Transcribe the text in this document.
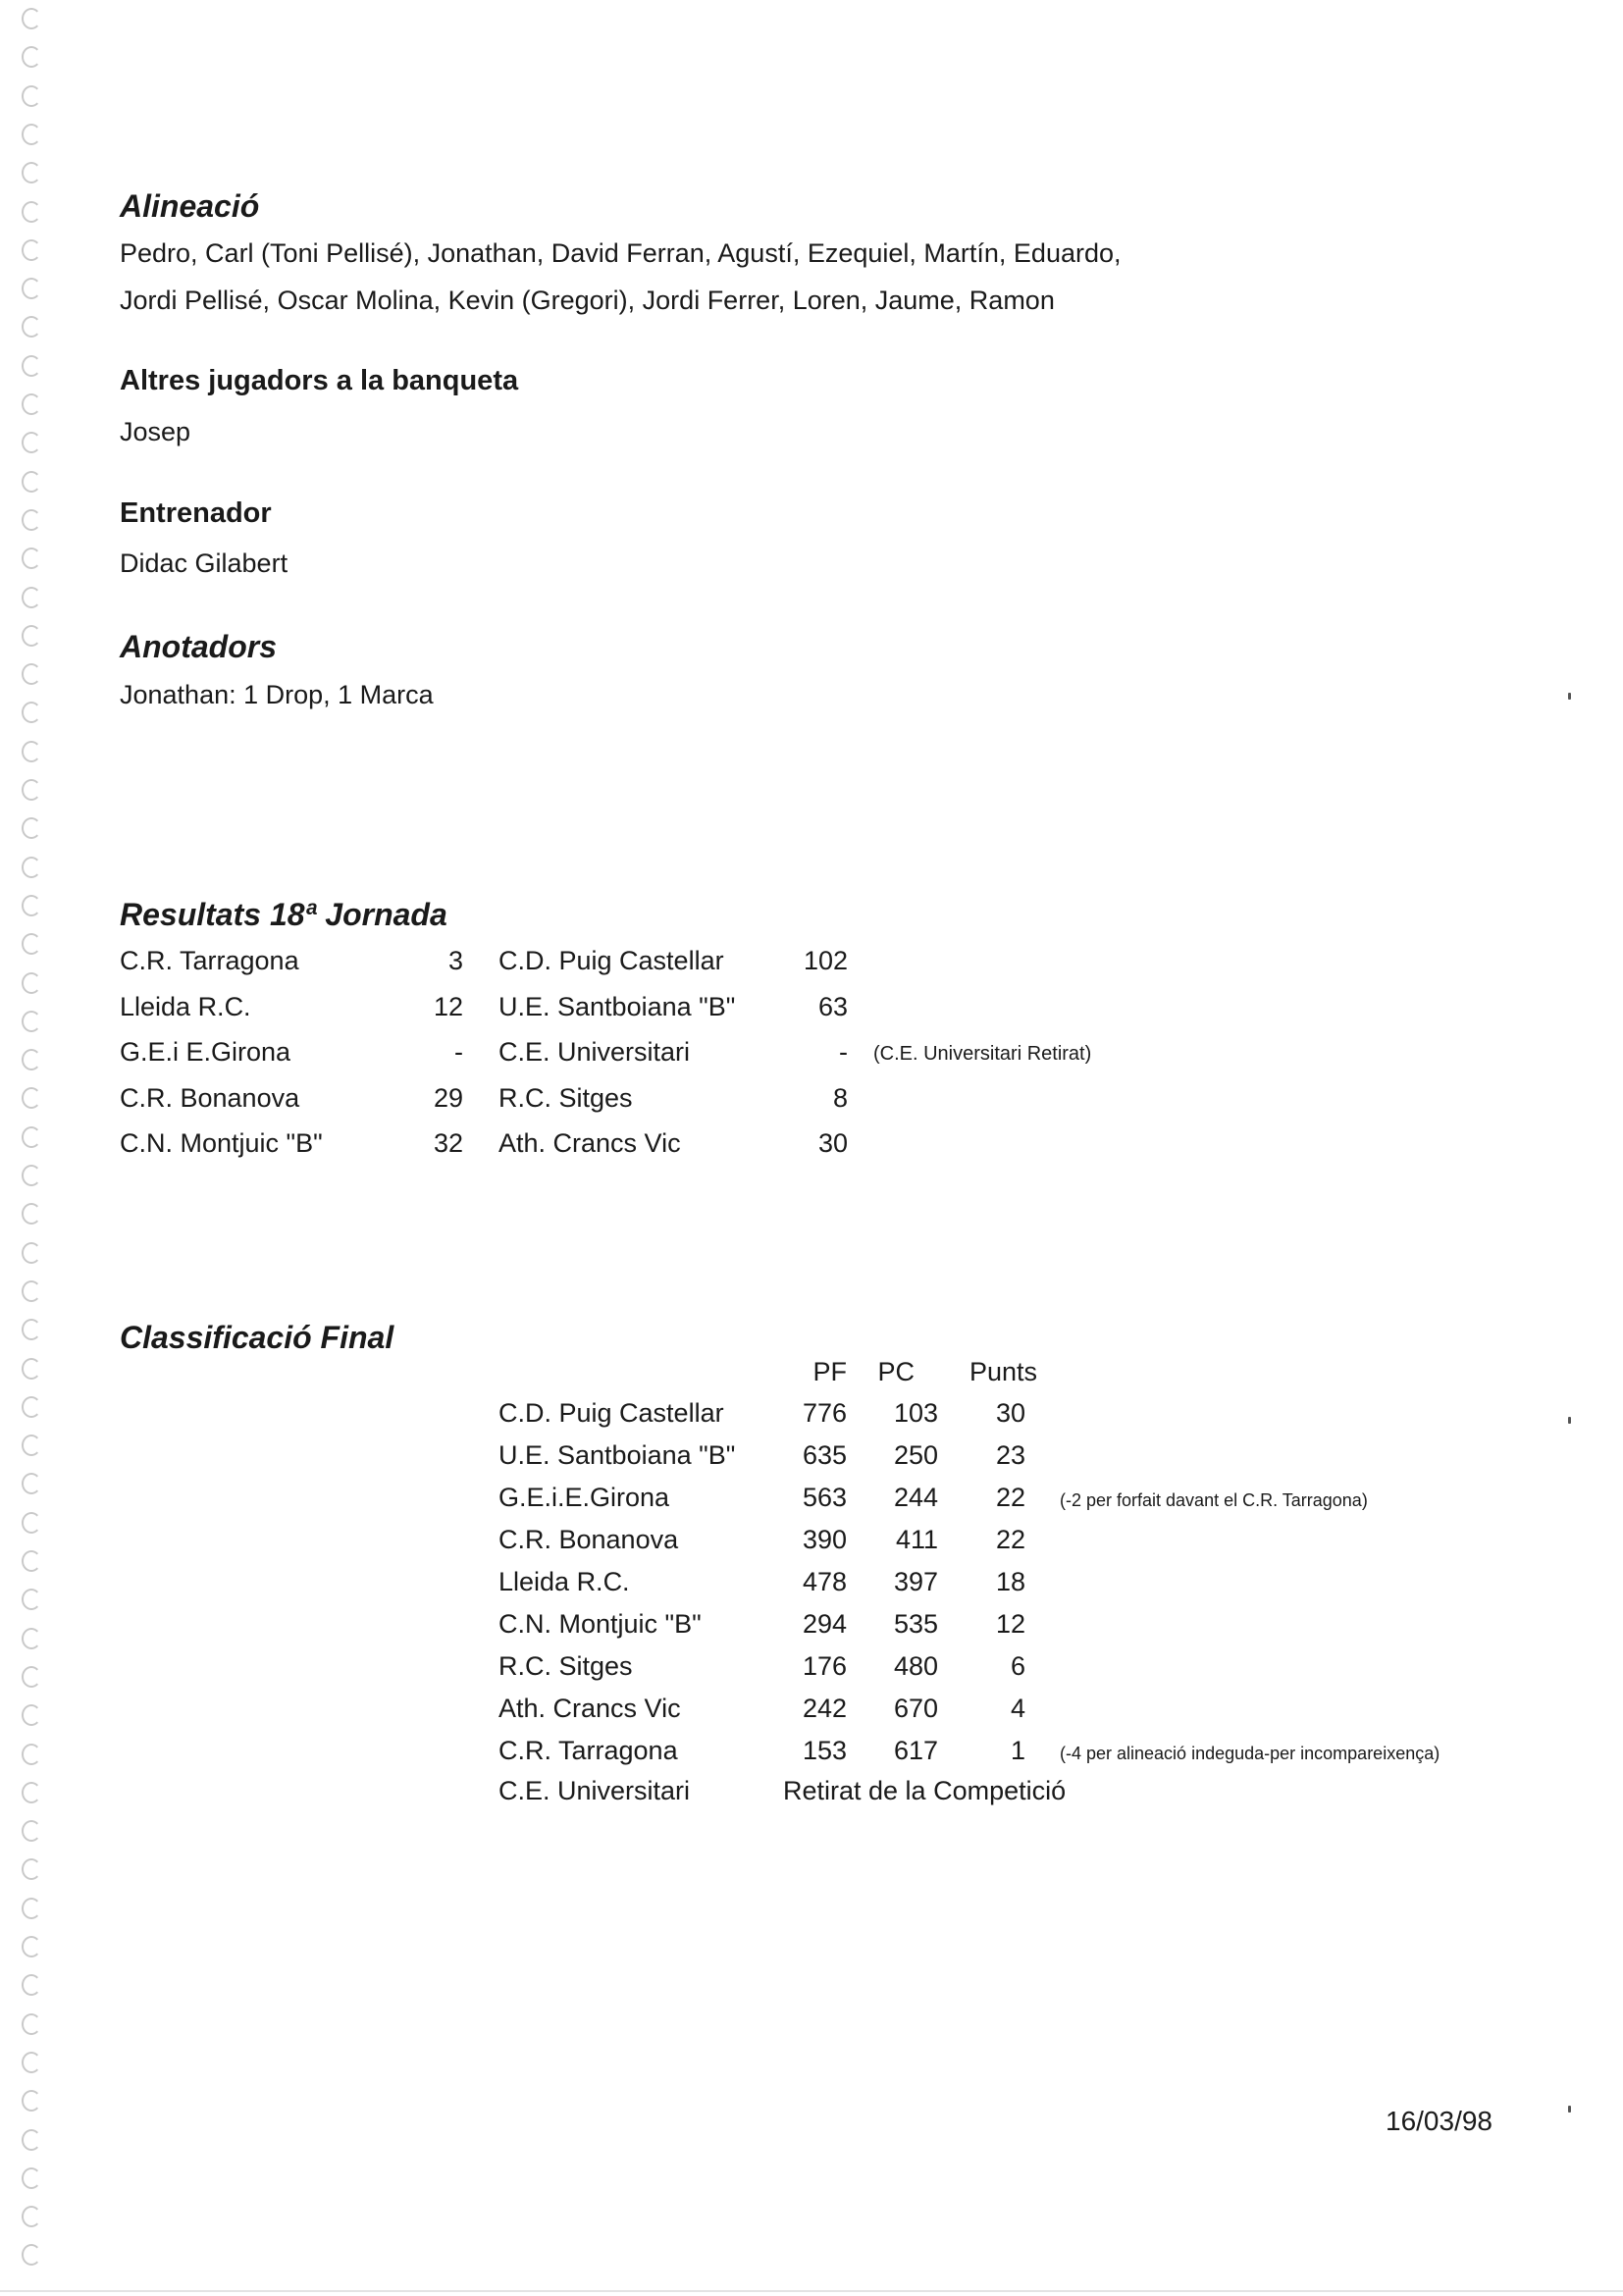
Alineació

Pedro, Carl (Toni Pellisé), Jonathan, David Ferran, Agustí, Ezequiel, Martín, Eduardo,

Jordi Pellisé, Oscar Molina, Kevin (Gregori), Jordi Ferrer, Loren, Jaume, Ramon

Altres jugadors a la banqueta

Josep

Entrenador

Didac Gilabert

Anotadors

Jonathan: 1 Drop, 1 Marca

Resultats 18ª Jornada
C.R. Tarragona	3 C.D. Puig Castellar	102
Lleida R.C.	12 U.E. Santboiana "B"	63
G.E.i E.Girona	- C.E. Universitari	- (C.E. Universitari Retirat)
C.R. Bonanova	29 R.C. Sitges	8
C.N. Montjuic "B"	32 Ath. Crancs Vic	30
Classificació Final
PF	PC	Punts
C.D. Puig Castellar	776	103	30
U.E. Santboiana "B"	635	250	23
G.E.i.E.Girona	563	244	22 (-2 per forfait davant el C.R. Tarragona)
C.R. Bonanova	390	411	22
Lleida R.C.	478	397	18
C.N. Montjuic "B"	294	535	12
R.C. Sitges	176	480	6
Ath. Crancs Vic	242	670	4
C.R. Tarragona	153	617	1 (-4 per alineació indeguda-per incompareixença)
C.E. Universitari	Retirat de la Competició
16/03/98
